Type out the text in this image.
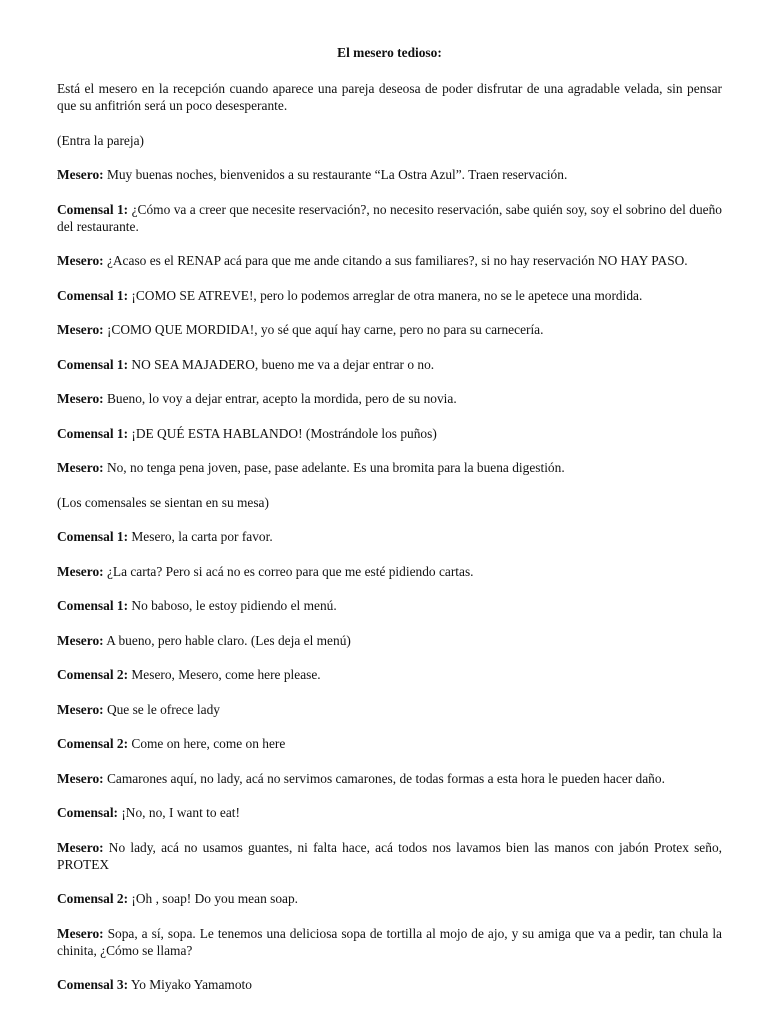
El mesero tedioso:

Está el mesero en la recepción cuando aparece una pareja deseosa de poder disfrutar de una agradable velada, sin pensar que su anfitrión será un poco desesperante.

(Entra la pareja)

Mesero: Muy buenas noches, bienvenidos a su restaurante “La Ostra Azul”. Traen reservación.

Comensal 1: ¿Cómo va a creer que necesite reservación?, no necesito reservación, sabe quién soy, soy el sobrino del dueño del restaurante.

Mesero: ¿Acaso es el RENAP acá para que me ande citando a sus familiares?, si no hay reservación NO HAY PASO.

Comensal 1: ¡COMO SE ATREVE!, pero lo podemos arreglar de otra manera, no se le apetece una mordida.

Mesero: ¡COMO QUE MORDIDA!, yo sé que aquí hay carne, pero no para su carnecería.

Comensal 1: NO SEA MAJADERO, bueno me va a dejar entrar o no.

Mesero: Bueno, lo voy a dejar entrar, acepto la mordida, pero de su novia.

Comensal 1: ¡DE QUÉ ESTA HABLANDO! (Mostrándole los puños)

Mesero: No, no tenga pena joven, pase, pase adelante. Es una bromita para la buena digestión.

(Los comensales se sientan en su mesa)

Comensal 1: Mesero, la carta por favor.

Mesero: ¿La carta? Pero si acá no es correo para que me esté pidiendo cartas.

Comensal 1: No baboso, le estoy pidiendo el menú.

Mesero: A bueno, pero hable claro. (Les deja el menú)

Comensal 2: Mesero, Mesero, come here please.

Mesero: Que se le ofrece lady

Comensal 2: Come on here, come on here

Mesero: Camarones aquí, no lady, acá no servimos camarones, de todas formas a esta hora le pueden hacer daño.

Comensal: ¡No, no, I want to eat!

Mesero: No lady, acá no usamos guantes, ni falta hace, acá todos nos lavamos bien las manos con jabón Protex seño, PROTEX

Comensal 2: ¡Oh , soap! Do you mean soap.

Mesero: Sopa, a sí, sopa. Le tenemos una deliciosa sopa de tortilla al mojo de ajo, y su amiga que va a pedir, tan chula la chinita, ¿Cómo se llama?

Comensal 3: Yo Miyako Yamamoto
